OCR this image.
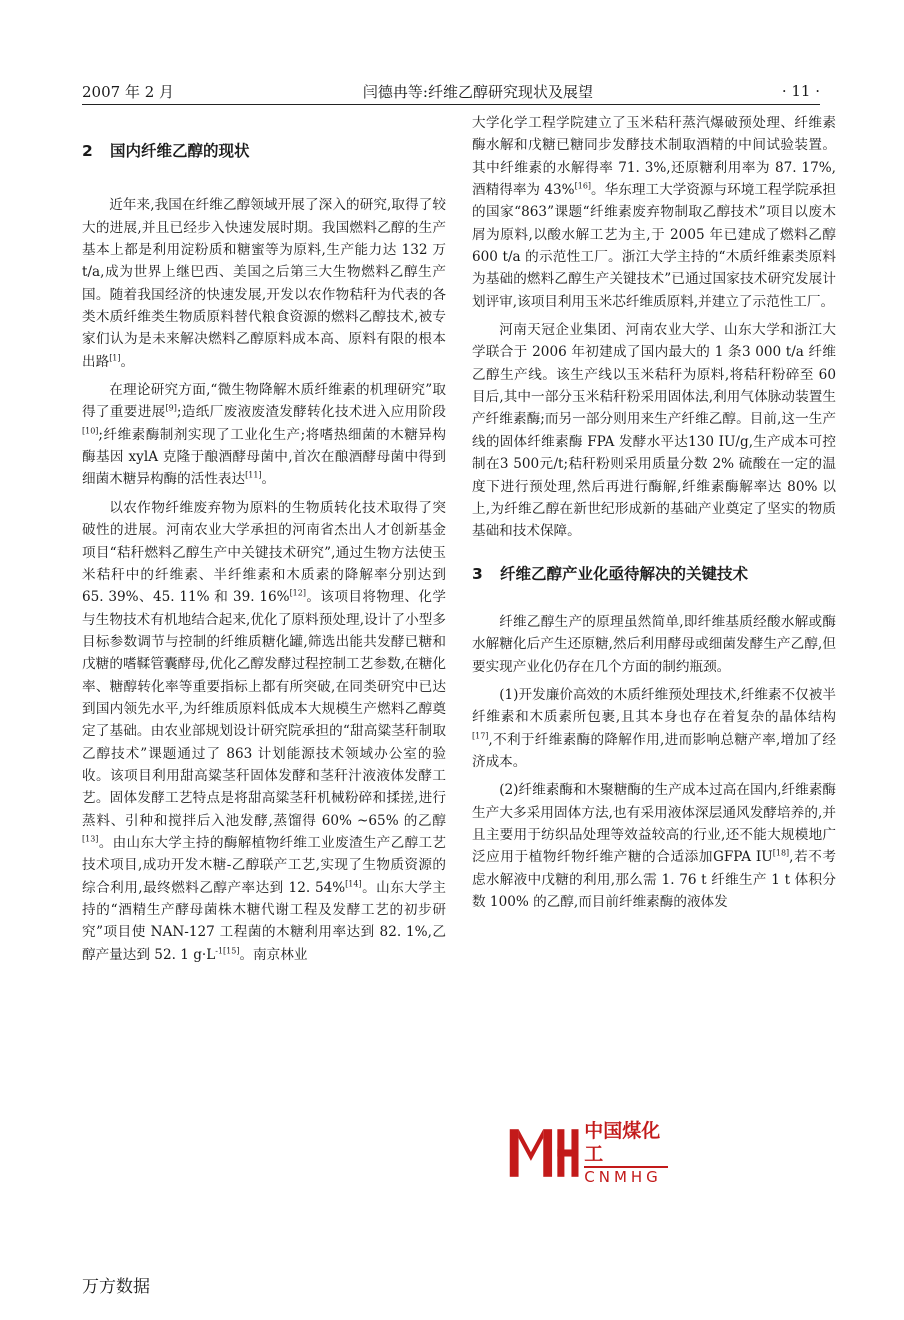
2007 年 2 月	闫德冉等:纤维乙醇研究现状及展望	· 11 ·
2 国内纤维乙醇的现状

近年来,我国在纤维乙醇领域开展了深入的研究,取得了较大的进展,并且已经步入快速发展时期。我国燃料乙醇的生产基本上都是利用淀粉质和糖蜜等为原料,生产能力达 132 万 t/a,成为世界上继巴西、美国之后第三大生物燃料乙醇生产国。随着我国经济的快速发展,开发以农作物秸秆为代表的各类木质纤维类生物质原料替代粮食资源的燃料乙醇技术,被专家们认为是未来解决燃料乙醇原料成本高、原料有限的根本出路[1]。

在理论研究方面,“微生物降解木质纤维素的机理研究”取得了重要进展[9];造纸厂废液废渣发酵转化技术进入应用阶段[10];纤维素酶制剂实现了工业化生产;将嗜热细菌的木糖异构酶基因 xylA 克隆于酿酒酵母菌中,首次在酿酒酵母菌中得到细菌木糖异构酶的活性表达[11]。

以农作物纤维废弃物为原料的生物质转化技术取得了突破性的进展。河南农业大学承担的河南省杰出人才创新基金项目“秸秆燃料乙醇生产中关键技术研究”,通过生物方法使玉米秸秆中的纤维素、半纤维素和木质素的降解率分别达到 65. 39%、45. 11% 和 39. 16%[12]。该项目将物理、化学与生物技术有机地结合起来,优化了原料预处理,设计了小型多目标参数调节与控制的纤维质糖化罐,筛选出能共发酵已糖和戊糖的嗜鞣管囊酵母,优化乙醇发酵过程控制工艺参数,在糖化率、糖醇转化率等重要指标上都有所突破,在同类研究中已达到国内领先水平,为纤维质原料低成本大规模生产燃料乙醇奠定了基础。由农业部规划设计研究院承担的“甜高粱茎秆制取乙醇技术”课题通过了 863 计划能源技术领域办公室的验收。该项目利用甜高粱茎秆固体发酵和茎秆汁液液体发酵工艺。固体发酵工艺特点是将甜高粱茎秆机械粉碎和揉搓,进行蒸料、引种和搅拌后入池发酵,蒸馏得 60% ~65% 的乙醇[13]。由山东大学主持的酶解植物纤维工业废渣生产乙醇工艺技术项目,成功开发木糖-乙醇联产工艺,实现了生物质资源的综合利用,最终燃料乙醇产率达到 12. 54%[14]。山东大学主持的“酒精生产酵母菌株木糖代谢工程及发酵工艺的初步研究”项目使 NAN-127 工程菌的木糖利用率达到 82. 1%,乙醇产量达到 52. 1 $g\cdot L^{-1[15]}$。南京林业

大学化学工程学院建立了玉米秸秆蒸汽爆破预处理、纤维素酶水解和戊糖已糖同步发酵技术制取酒精的中间试验装置。其中纤维素的水解得率 71. 3%,还原糖利用率为 87. 17%,酒精得率为 43%[16]。华东理工大学资源与环境工程学院承担的国家“863”课题“纤维素废弃物制取乙醇技术”项目以废木屑为原料,以酸水解工艺为主,于 2005 年已建成了燃料乙醇 600 t/a 的示范性工厂。浙江大学主持的“木质纤维素类原料为基础的燃料乙醇生产关键技术”已通过国家技术研究发展计划评审,该项目利用玉米芯纤维质原料,并建立了示范性工厂。

河南天冠企业集团、河南农业大学、山东大学和浙江大学联合于 2006 年初建成了国内最大的 1 条3 000 t/a 纤维乙醇生产线。该生产线以玉米秸秆为原料,将秸秆粉碎至 60 目后,其中一部分玉米秸秆粉采用固体法,利用气体脉动装置生产纤维素酶;而另一部分则用来生产纤维乙醇。目前,这一生产线的固体纤维素酶 FPA 发酵水平达130 IU/g,生产成本可控制在3 500元/t;秸秆粉则采用质量分数 2% 硫酸在一定的温度下进行预处理,然后再进行酶解,纤维素酶解率达 80% 以上,为纤维乙醇在新世纪形成新的基础产业奠定了坚实的物质基础和技术保障。

3 纤维乙醇产业化亟待解决的关键技术

纤维乙醇生产的原理虽然简单,即纤维基质经酸水解或酶水解糖化后产生还原糖,然后利用酵母或细菌发酵生产乙醇,但要实现产业化仍存在几个方面的制约瓶颈。

(1)开发廉价高效的木质纤维预处理技术,纤维素不仅被半纤维素和木质素所包裹,且其本身也存在着复杂的晶体结构[17],不利于纤维素酶的降解作用,进而影响总糖产率,增加了经济成本。

(2)纤维素酶和木聚糖酶的生产成本过高在国内,纤维素酶生产大多采用固体方法,也有采用液体深层通风发酵培养的,并且主要用于纺织品处理等效益较高的行业,还不能大规模地广泛应用于植物纤物纤维产糖的合适添加GFPA IU[18],若不考虑水解液中戊糖的利用,那么需 1. 76 t 纤维生产 1 t 体积分数 100% 的乙醇,而目前纤维素酶的液体发

中国煤化工
CNMHG
万方数据
